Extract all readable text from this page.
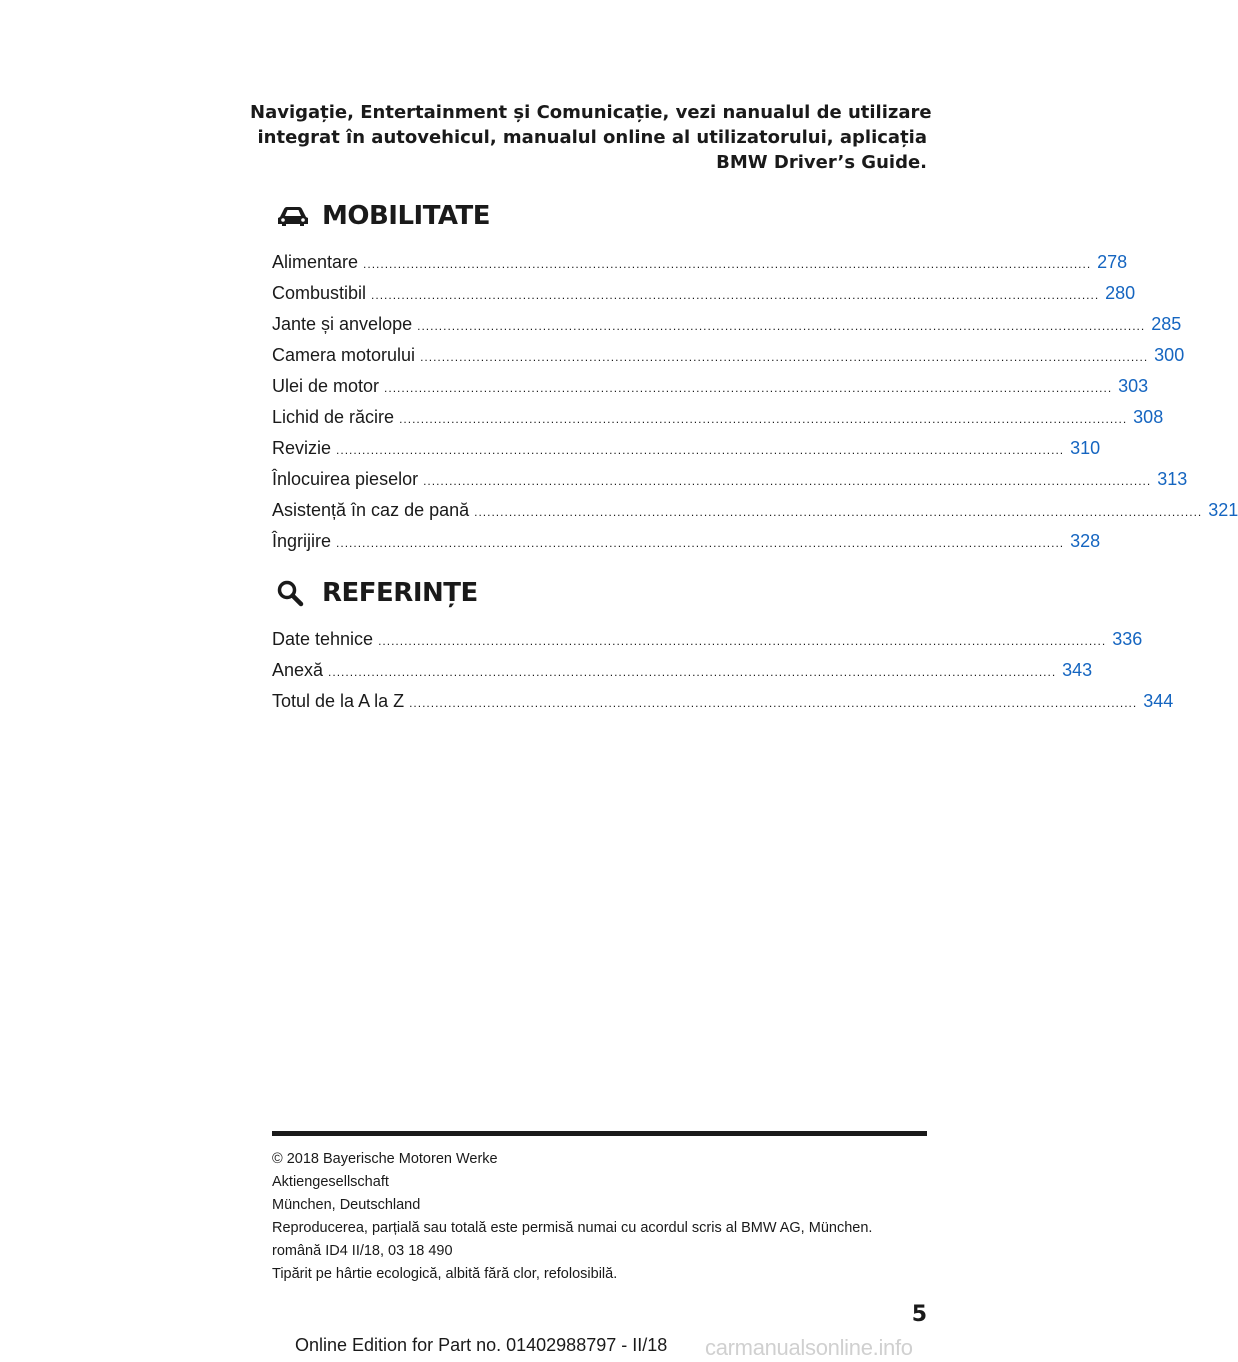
Navigație, Entertainment și Comunicație, vezi nanualul de utilizare
integrat în autovehicul, manualul online al utilizatorului, aplicația
BMW Driver’s Guide.
MOBILITATE
Alimentare ........................................................................................................................................................................ 278
Combustibil ........................................................................................................................................................................ 280
Jante și anvelope ........................................................................................................................................................................ 285
Camera motorului ........................................................................................................................................................................ 300
Ulei de motor ........................................................................................................................................................................ 303
Lichid de răcire ........................................................................................................................................................................ 308
Revizie ........................................................................................................................................................................ 310
Înlocuirea pieselor ........................................................................................................................................................................ 313
Asistență în caz de pană ........................................................................................................................................................................ 321
Îngrijire ........................................................................................................................................................................ 328
REFERINȚE
Date tehnice ........................................................................................................................................................................ 336
Anexă ........................................................................................................................................................................ 343
Totul de la A la Z ........................................................................................................................................................................ 344
© 2018 Bayerische Motoren Werke
Aktiengesellschaft
München, Deutschland
Reproducerea, parțială sau totală este permisă numai cu acordul scris al BMW AG, München.
română ID4 II/18, 03 18 490
Tipărit pe hârtie ecologică, albită fără clor, refolosibilă.
5
Online Edition for Part no. 01402988797 - II/18 carmanualsonline.info
